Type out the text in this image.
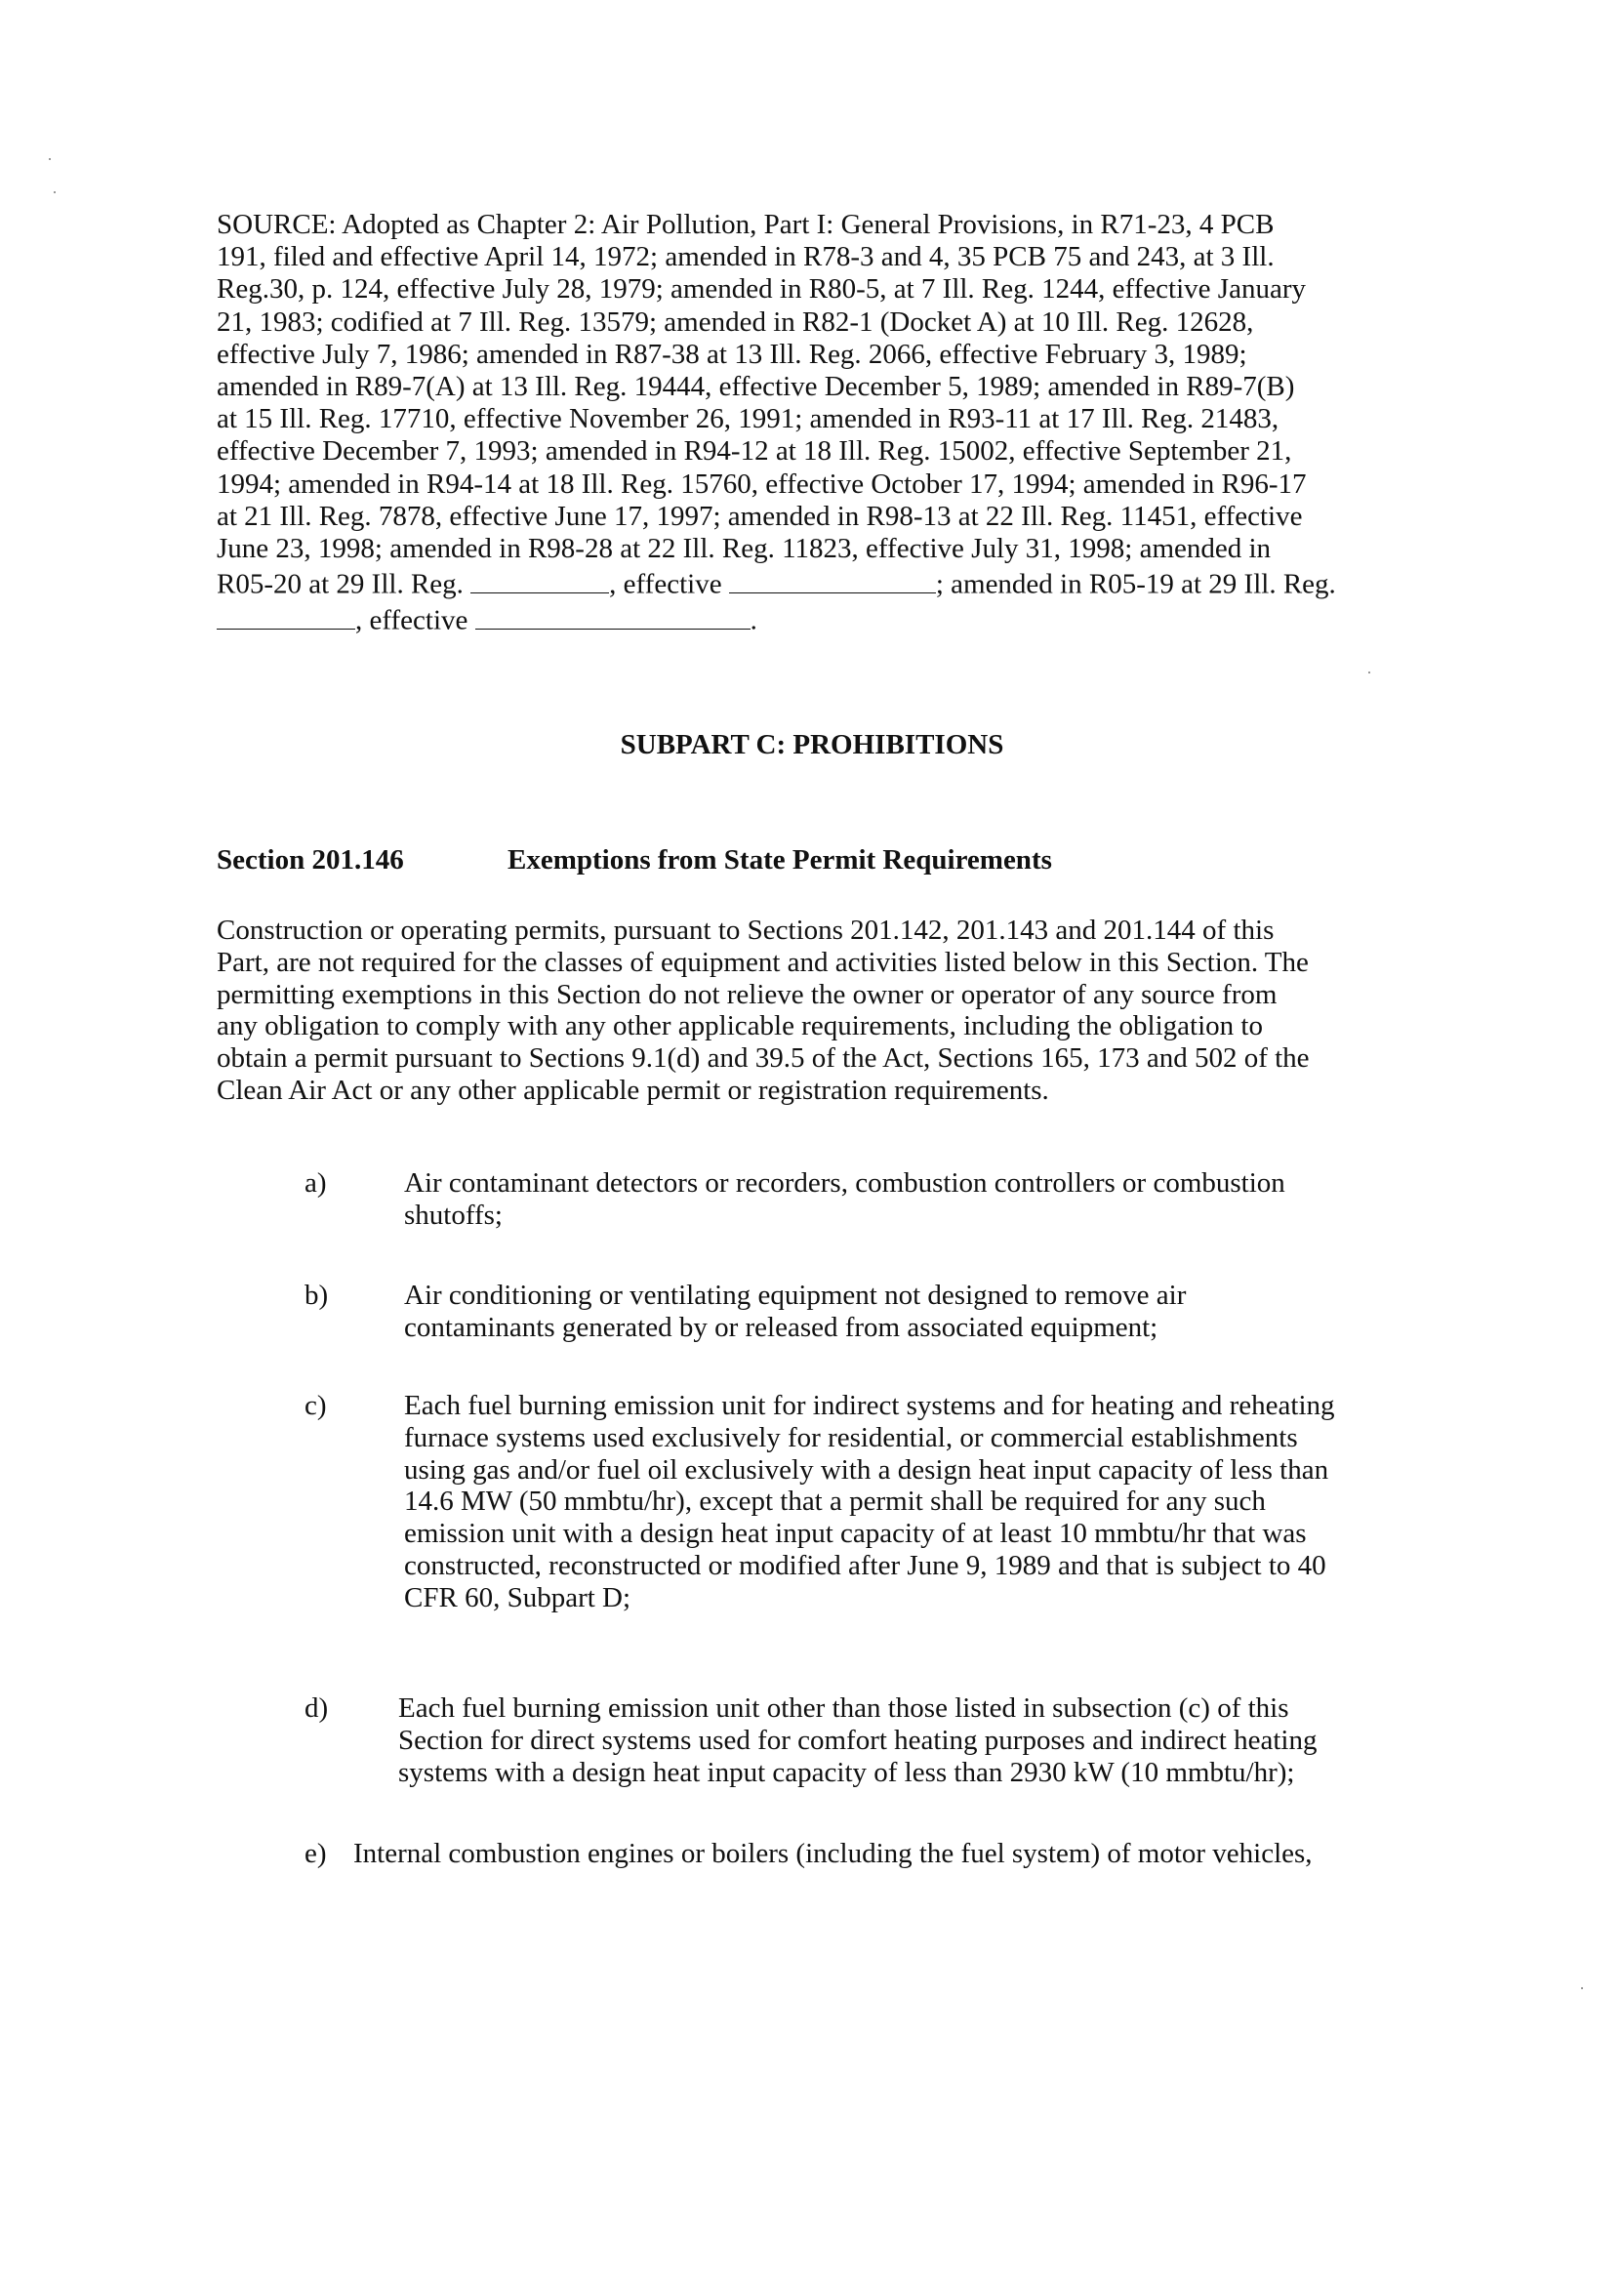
SOURCE: Adopted as Chapter 2: Air Pollution, Part I: General Provisions, in R71-23, 4 PCB
191, filed and effective April 14, 1972; amended in R78-3 and 4, 35 PCB 75 and 243, at 3 Ill.
Reg.30, p. 124, effective July 28, 1979; amended in R80-5, at 7 Ill. Reg. 1244, effective January
21, 1983; codified at 7 Ill. Reg. 13579; amended in R82-1 (Docket A) at 10 Ill. Reg. 12628,
effective July 7, 1986; amended in R87-38 at 13 Ill. Reg. 2066, effective February 3, 1989;
amended in R89-7(A) at 13 Ill. Reg. 19444, effective December 5, 1989; amended in R89-7(B)
at 15 Ill. Reg. 17710, effective November 26, 1991; amended in R93-11 at 17 Ill. Reg. 21483,
effective December 7, 1993; amended in R94-12 at 18 Ill. Reg. 15002, effective September 21,
1994; amended in R94-14 at 18 Ill. Reg. 15760, effective October 17, 1994; amended in R96-17
at 21 Ill. Reg. 7878, effective June 17, 1997; amended in R98-13 at 22 Ill. Reg. 11451, effective
June 23, 1998; amended in R98-28 at 22 Ill. Reg. 11823, effective July 31, 1998; amended in
R05-20 at 29 Ill. Reg.	, effective	; amended in R05-19 at 29 Ill. Reg.
, effective	.
SUBPART C: PROHIBITIONS
Section 201.146	Exemptions from State Permit Requirements
Construction or operating permits, pursuant to Sections 201.142, 201.143 and 201.144 of this
Part, are not required for the classes of equipment and activities listed below in this Section. The
permitting exemptions in this Section do not relieve the owner or operator of any source from
any obligation to comply with any other applicable requirements, including the obligation to
obtain a permit pursuant to Sections 9.1(d) and 39.5 of the Act, Sections 165, 173 and 502 of the
Clean Air Act or any other applicable permit or registration requirements.
a)	Air contaminant detectors or recorders, combustion controllers or combustion
shutoffs;
b)	Air conditioning or ventilating equipment not designed to remove air
contaminants generated by or released from associated equipment;
c)	Each fuel burning emission unit for indirect systems and for heating and reheating
furnace systems used exclusively for residential, or commercial establishments
using gas and/or fuel oil exclusively with a design heat input capacity of less than
14.6 MW (50 mmbtu/hr), except that a permit shall be required for any such
emission unit with a design heat input capacity of at least 10 mmbtu/hr that was
constructed, reconstructed or modified after June 9, 1989 and that is subject to 40
CFR 60, Subpart D;
d) Each fuel burning emission unit other than those listed in subsection (c) of this
Section for direct systems used for comfort heating purposes and indirect heating
systems with a design heat input capacity of less than 2930 kW (10 mmbtu/hr);
e) Internal combustion engines or boilers (including the fuel system) of motor vehicles,
